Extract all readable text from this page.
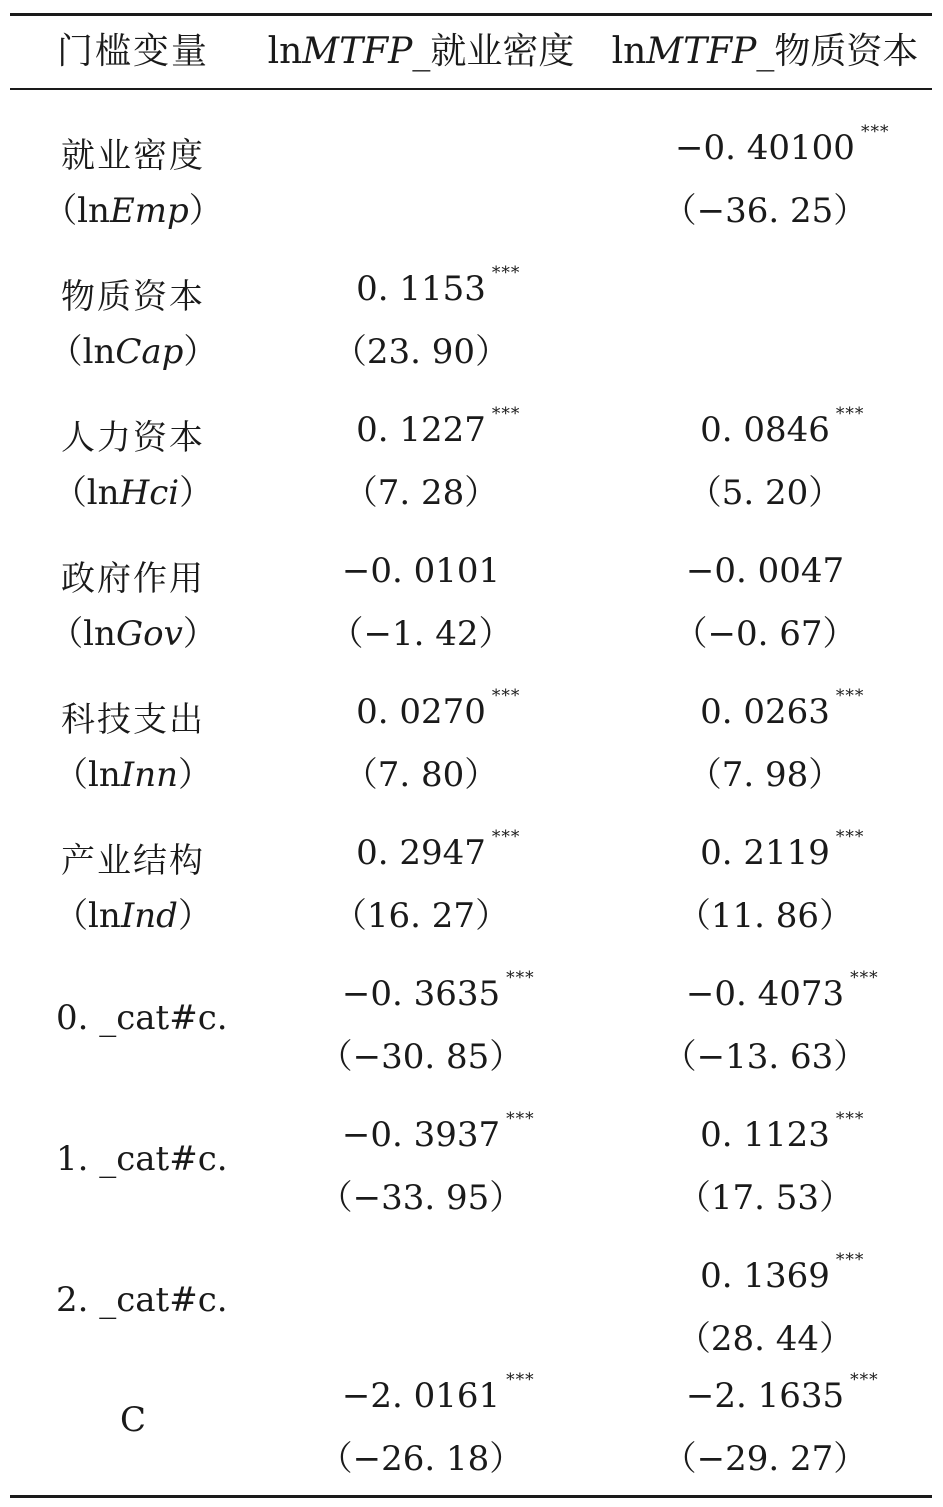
门槛变量	lnMTFP_就业密度	lnMTFP_物质资本
就业密度
（lnEmp）
−0. 40100 ***
（−36. 25）
物质资本
（lnCap）
0. 1153 ***
（23. 90）
人力资本
（lnHci）
0. 1227 ***
（7. 28）
0. 0846 ***
（5. 20）
政府作用
（lnGov）
−0. 0101
（−1. 42）
−0. 0047
（−0. 67）
科技支出
（lnInn）
0. 0270 ***
（7. 80）
0. 0263 ***
（7. 98）
产业结构
（lnInd）
0. 2947 ***
（16. 27）
0. 2119 ***
（11. 86）
0. _cat#c.
−0. 3635 ***
（−30. 85）
−0. 4073 ***
（−13. 63）
1. _cat#c.
−0. 3937 ***
（−33. 95）
0. 1123 ***
（17. 53）
2. _cat#c.
0. 1369 ***
（28. 44）
C
−2. 0161 ***
（−26. 18）
−2. 1635 ***
（−29. 27）
